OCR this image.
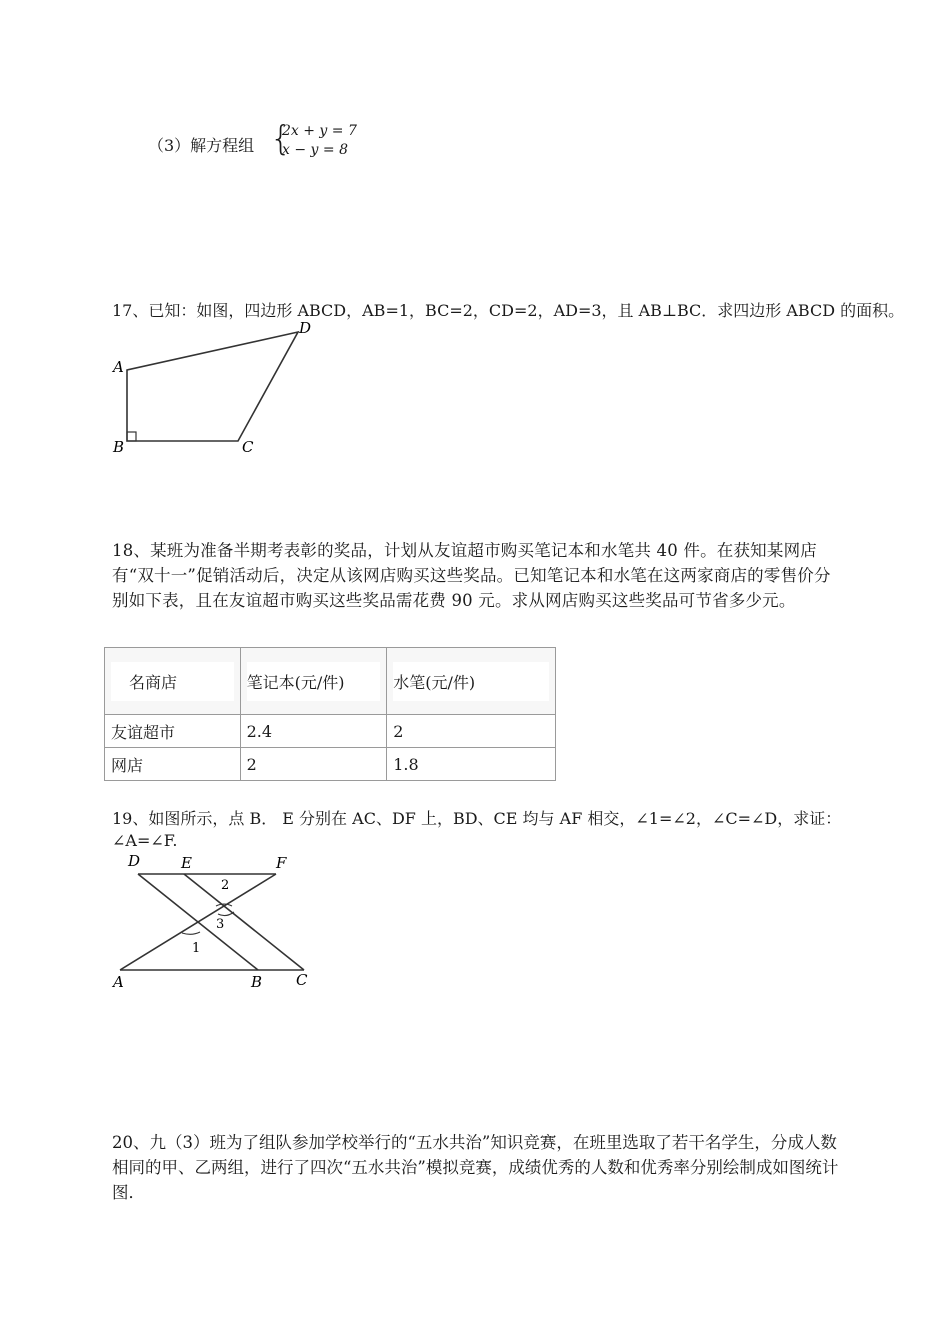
（3）解方程组 {
2x + y = 7
x − y = 8
17、已知：如图，四边形 ABCD，AB=1，BC=2，CD=2，AD=3，且 AB⊥BC．求四边形 ABCD 的面积。
A
B	C
D
18、某班为准备半期考表彰的奖品，计划从友谊超市购买笔记本和水笔共 40 件。在获知某网店有“双十一”促销活动后，决定从该网店购买这些奖品。已知笔记本和水笔在这两家商店的零售价分别如下表，且在友谊超市购买这些奖品需花费 90 元。求从网店购买这些奖品可节省多少元。
名商店	笔记本(元/件)	水笔(元/件)

友谊超市	2.4	2
网店	2	1.8
19、如图所示，点 B． E 分别在 AC、DF 上，BD、CE 均与 AF 相交，∠1=∠2，∠C=∠D，求证：
∠A=∠F.
D	E	F
A	B C
1
2
3
20、九（3）班为了组队参加学校举行的“五水共治”知识竞赛，在班里选取了若干名学生，分成人数相同的甲、乙两组，进行了四次“五水共治”模拟竞赛，成绩优秀的人数和优秀率分别绘制成如图统计图．
